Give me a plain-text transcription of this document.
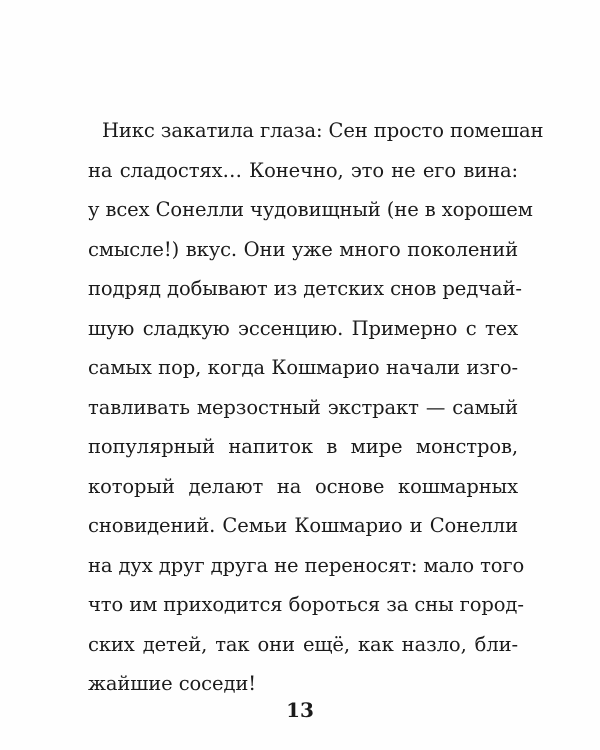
Никс закатила глаза: Сен просто помешан
на сладостях… Конечно, это не его вина:
у всех Сонелли чудовищный (не в хорошем
смысле!) вкус. Они уже много поколений
подряд добывают из детских снов редчай-
шую сладкую эссенцию. Примерно с тех
самых пор, когда Кошмарио начали изго-
тавливать мерзостный экстракт — самый
популярный напиток в мире монстров,
который делают на основе кошмарных
сновидений. Семьи Кошмарио и Сонелли
на дух друг друга не переносят: мало того
что им приходится бороться за сны город-
ских детей, так они ещё, как назло, бли-
жайшие соседи!
13
